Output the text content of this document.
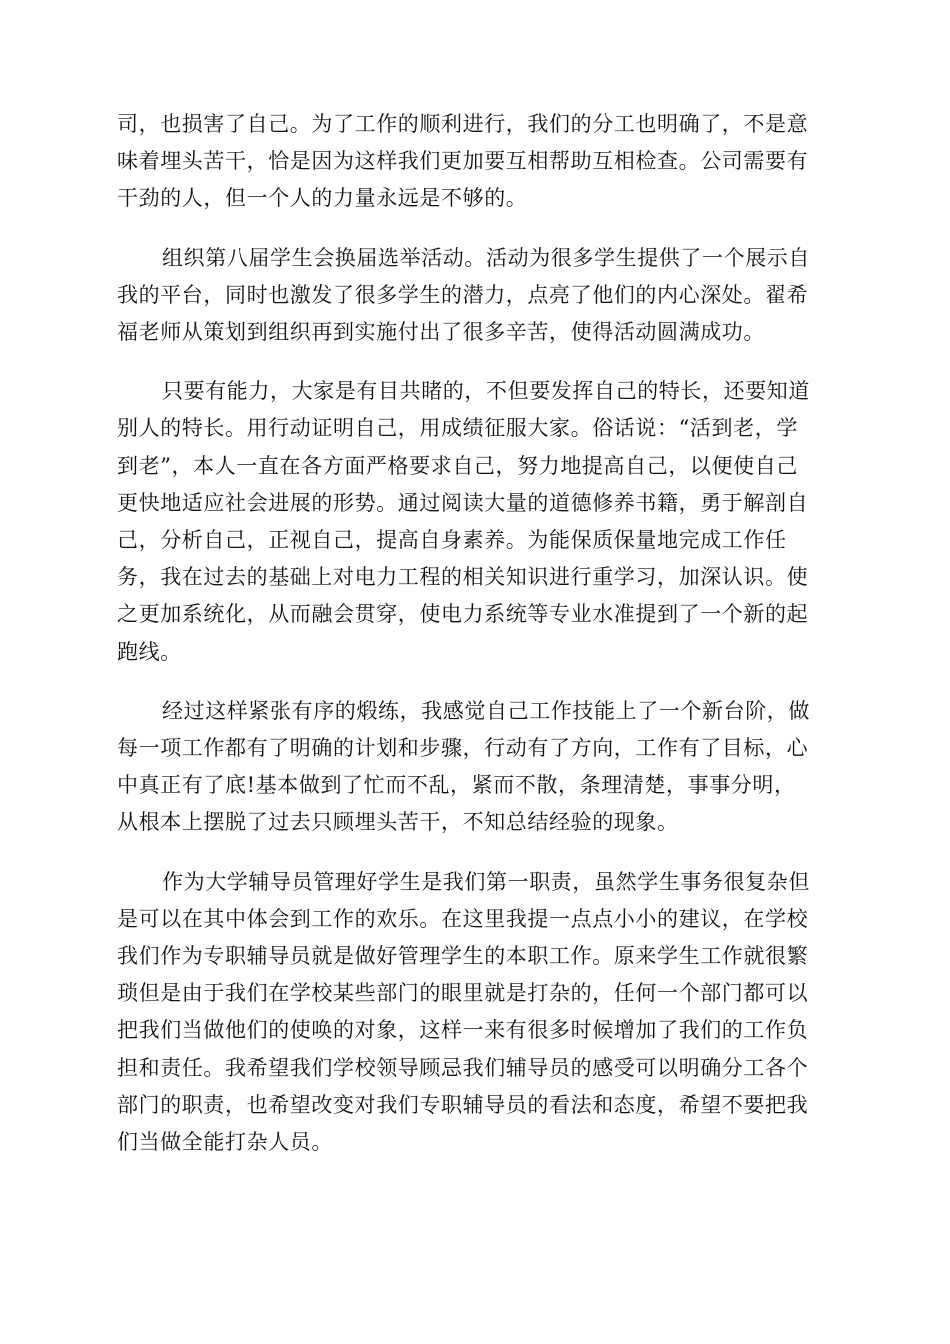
司，也损害了自己。为了工作的顺利进行，我们的分工也明确了，不是意
味着埋头苦干，恰是因为这样我们更加要互相帮助互相检查。公司需要有
干劲的人，但一个人的力量永远是不够的。
组织第八届学生会换届选举活动。活动为很多学生提供了一个展示自
我的平台，同时也激发了很多学生的潜力，点亮了他们的内心深处。翟希
福老师从策划到组织再到实施付出了很多辛苦，使得活动圆满成功。
只要有能力，大家是有目共睹的，不但要发挥自己的特长，还要知道
别人的特长。用行动证明自己，用成绩征服大家。俗话说：“活到老，学
到老”，本人一直在各方面严格要求自己，努力地提高自己，以便使自己
更快地适应社会进展的形势。通过阅读大量的道德修养书籍，勇于解剖自
己，分析自己，正视自己，提高自身素养。为能保质保量地完成工作任
务，我在过去的基础上对电力工程的相关知识进行重学习，加深认识。使
之更加系统化，从而融会贯穿，使电力系统等专业水准提到了一个新的起
跑线。
经过这样紧张有序的煅练，我感觉自己工作技能上了一个新台阶，做
每一项工作都有了明确的计划和步骤，行动有了方向，工作有了目标，心
中真正有了底!基本做到了忙而不乱，紧而不散，条理清楚，事事分明，
从根本上摆脱了过去只顾埋头苦干，不知总结经验的现象。
作为大学辅导员管理好学生是我们第一职责，虽然学生事务很复杂但
是可以在其中体会到工作的欢乐。在这里我提一点点小小的建议，在学校
我们作为专职辅导员就是做好管理学生的本职工作。原来学生工作就很繁
琐但是由于我们在学校某些部门的眼里就是打杂的，任何一个部门都可以
把我们当做他们的使唤的对象，这样一来有很多时候增加了我们的工作负
担和责任。我希望我们学校领导顾忌我们辅导员的感受可以明确分工各个
部门的职责，也希望改变对我们专职辅导员的看法和态度，希望不要把我
们当做全能打杂人员。
